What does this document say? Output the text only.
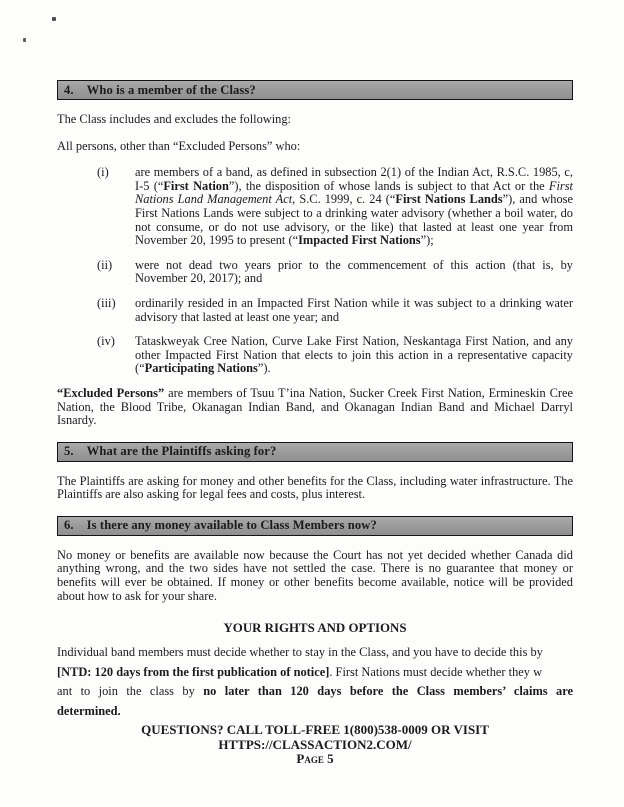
4. Who is a member of the Class?

The Class includes and excludes the following:

All persons, other than “Excluded Persons” who:

(i)	are members of a band, as defined in subsection 2(1) of the Indian Act, R.S.C. 1985, c, I-5 (“First Nation”), the disposition of whose lands is subject to that Act or the First Nations Land Management Act, S.C. 1999, c. 24 (“First Nations Lands”), and whose First Nations Lands were subject to a drinking water advisory (whether a boil water, do not consume, or do not use advisory, or the like) that lasted at least one year from November 20, 1995 to present (“Impacted First Nations”);
(ii)	were not dead two years prior to the commencement of this action (that is, by November 20, 2017); and
(iii)	ordinarily resided in an Impacted First Nation while it was subject to a drinking water advisory that lasted at least one year; and
(iv)	Tataskweyak Cree Nation, Curve Lake First Nation, Neskantaga First Nation, and any other Impacted First Nation that elects to join this action in a representative capacity (“Participating Nations”).

“Excluded Persons” are members of Tsuu T’ina Nation, Sucker Creek First Nation, Ermineskin Cree Nation, the Blood Tribe, Okanagan Indian Band, and Okanagan Indian Band and Michael Darryl Isnardy.

5. What are the Plaintiffs asking for?

The Plaintiffs are asking for money and other benefits for the Class, including water infrastructure. The Plaintiffs are also asking for legal fees and costs, plus interest.

6. Is there any money available to Class Members now?

No money or benefits are available now because the Court has not yet decided whether Canada did anything wrong, and the two sides have not settled the case. There is no guarantee that money or benefits will ever be obtained. If money or other benefits become available, notice will be provided about how to ask for your share.

YOUR RIGHTS AND OPTIONS
Individual band members must decide whether to stay in the Class, and you have to decide this by
[NTD: 120 days from the first publication of notice]. First Nations must decide whether they w
ant to join the class by no later than 120 days before the Class members’ claims are
determined.
QUESTIONS? CALL TOLL-FREE 1(800)538-0009 OR VISIT
HTTPS://CLASSACTION2.COM/
Page 5
